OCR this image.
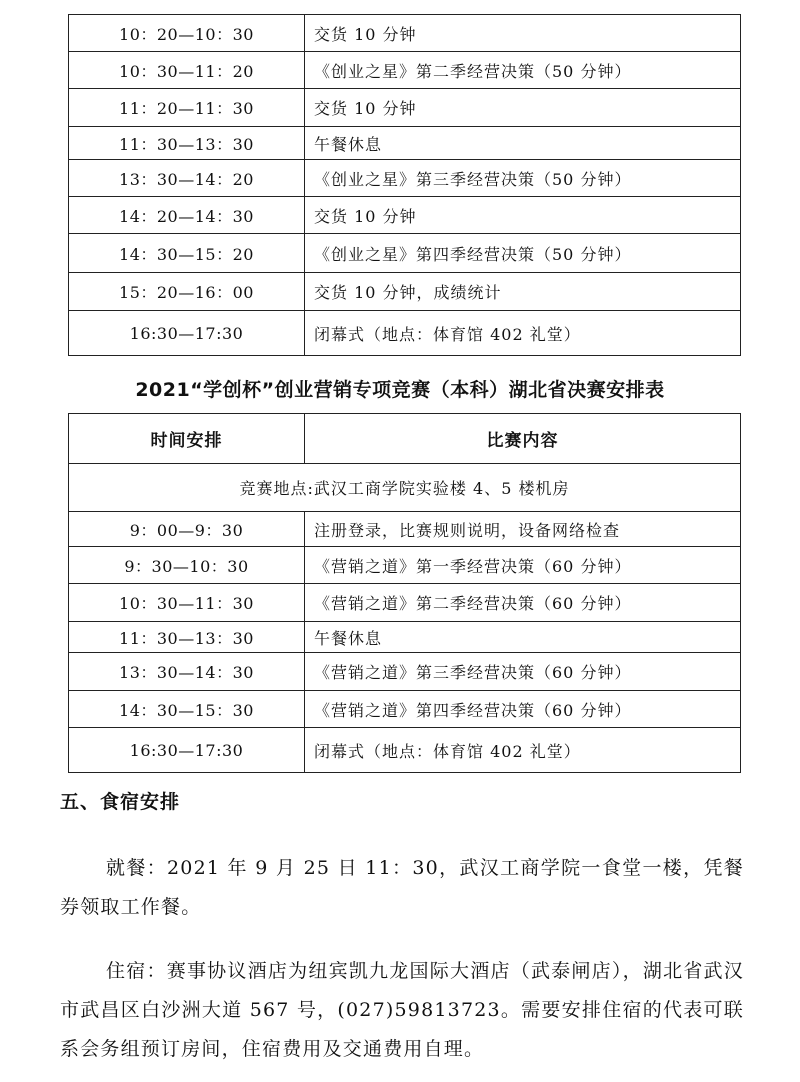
10：20—10：30	交货 10 分钟
10：30—11：20	《创业之星》第二季经营决策（50 分钟）
11：20—11：30	交货 10 分钟
11：30—13：30	午餐休息
13：30—14：20	《创业之星》第三季经营决策（50 分钟）
14：20—14：30	交货 10 分钟
14：30—15：20	《创业之星》第四季经营决策（50 分钟）
15：20—16：00	交货 10 分钟，成绩统计
16:30—17:30	闭幕式（地点：体育馆 402 礼堂）
2021“学创杯”创业营销专项竞赛（本科）湖北省决赛安排表
时间安排	比赛内容
竞赛地点:武汉工商学院实验楼 4、5 楼机房	
9：00—9：30	注册登录，比赛规则说明，设备网络检查
9：30—10：30	《营销之道》第一季经营决策（60 分钟）
10：30—11：30	《营销之道》第二季经营决策（60 分钟）
11：30—13：30	午餐休息
13：30—14：30	《营销之道》第三季经营决策（60 分钟）
14：30—15：30	《营销之道》第四季经营决策（60 分钟）
16:30—17:30	闭幕式（地点：体育馆 402 礼堂）
五、食宿安排

就餐：2021 年 9 月 25 日 11：30，武汉工商学院一食堂一楼，凭餐券领取工作餐。

住宿：赛事协议酒店为纽宾凯九龙国际大酒店（武泰闸店），湖北省武汉市武昌区白沙洲大道 567 号，(027)59813723。需要安排住宿的代表可联系会务组预订房间，住宿费用及交通费用自理。
